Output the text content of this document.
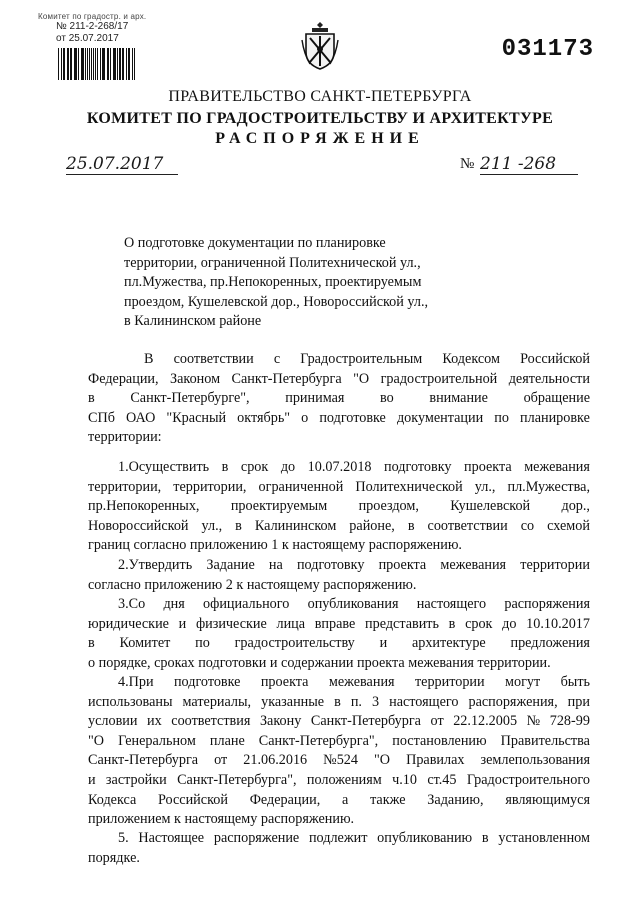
Комитет по градостр. и арх.
№ 211-2-268/17
от 25.07.2017	031173
ПРАВИТЕЛЬСТВО САНКТ-ПЕТЕРБУРГА
КОМИТЕТ ПО ГРАДОСТРОИТЕЛЬСТВУ И АРХИТЕКТУРЕ
РАСПОРЯЖЕНИЕ
25.07.2017	№ 211 -268
О подготовке документации по планировке
территории, ограниченной Политехнической ул.,
пл.Мужества, пр.Непокоренных, проектируемым
проездом, Кушелевской дор., Новороссийской ул.,
в Калининском районе
В соответствии с Градостроительным Кодексом Российской
Федерации, Законом Санкт-Петербурга "О градостроительной деятельности
в	Санкт-Петербурге",	принимая	во	внимание	обращение
СПб ОАО "Красный октябрь" о подготовке документации по планировке
территории:
1.Осуществить в срок до 10.07.2018 подготовку проекта межевания
территории, территории, ограниченной Политехнической ул., пл.Мужества,
пр.Непокоренных, проектируемым проездом, Кушелевской дор.,
Новороссийской ул., в Калининском районе, в соответствии со схемой
границ согласно приложению 1 к настоящему распоряжению.
2.Утвердить Задание на подготовку проекта межевания территории
согласно приложению 2 к настоящему распоряжению.
3.Со дня официального опубликования настоящего распоряжения
юридические и физические лица вправе представить в срок до 10.10.2017
в Комитет по градостроительству и архитектуре предложения
о порядке, сроках подготовки и содержании проекта межевания территории.
4.При подготовке проекта межевания территории могут быть
использованы материалы, указанные в п. 3 настоящего распоряжения, при
условии их соответствия Закону Санкт-Петербурга от 22.12.2005 № 728-99
"О Генеральном плане Санкт-Петербурга", постановлению Правительства
Санкт-Петербурга от 21.06.2016 №524 "О Правилах землепользования
и застройки Санкт-Петербурга", положениям ч.10 ст.45 Градостроительного
Кодекса Российской Федерации, а также Заданию, являющимуся
приложением к настоящему распоряжению.
5. Настоящее распоряжение подлежит опубликованию в установленном
порядке.
